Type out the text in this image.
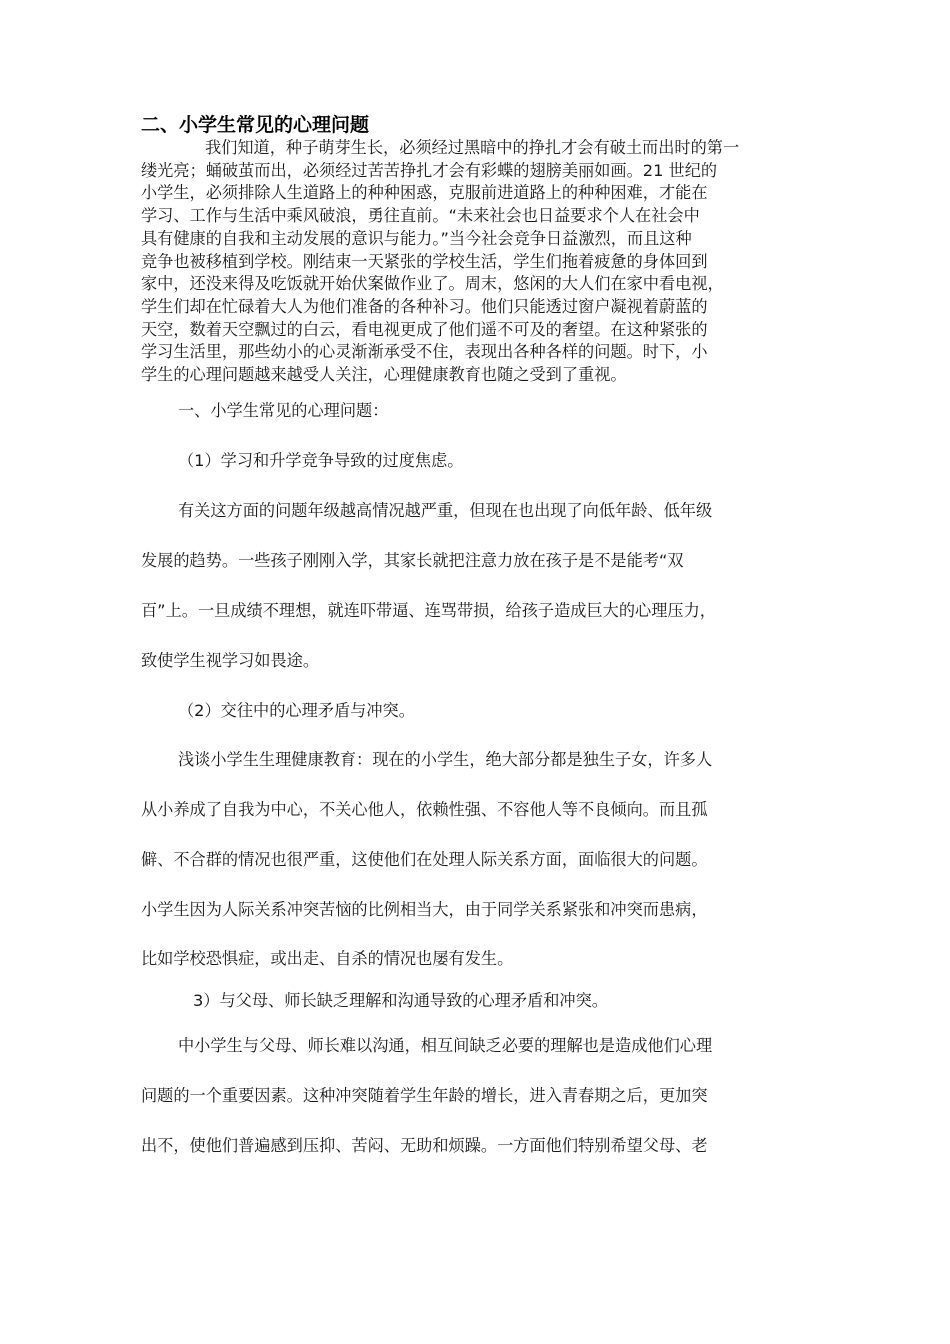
二、小学生常见的心理问题

我们知道，种子萌芽生长，必须经过黑暗中的挣扎才会有破土而出时的第一
缕光亮；蛹破茧而出，必须经过苦苦挣扎才会有彩蝶的翅膀美丽如画。21 世纪的
小学生，必须排除人生道路上的种种困惑，克服前进道路上的种种困难，才能在
学习、工作与生活中乘风破浪，勇往直前。“未来社会也日益要求个人在社会中
具有健康的自我和主动发展的意识与能力。”当今社会竞争日益激烈，而且这种
竞争也被移植到学校。刚结束一天紧张的学校生活，学生们拖着疲惫的身体回到
家中，还没来得及吃饭就开始伏案做作业了。周末，悠闲的大人们在家中看电视，
学生们却在忙碌着大人为他们准备的各种补习。他们只能透过窗户凝视着蔚蓝的
天空，数着天空飘过的白云，看电视更成了他们遥不可及的奢望。在这种紧张的
学习生活里，那些幼小的心灵渐渐承受不住，表现出各种各样的问题。时下，小
学生的心理问题越来越受人关注，心理健康教育也随之受到了重视。

一、小学生常见的心理问题：

（1）学习和升学竞争导致的过度焦虑。

有关这方面的问题年级越高情况越严重，但现在也出现了向低年龄、低年级

发展的趋势。一些孩子刚刚入学，其家长就把注意力放在孩子是不是能考“双

百”上。一旦成绩不理想，就连吓带逼、连骂带损，给孩子造成巨大的心理压力，

致使学生视学习如畏途。

（2）交往中的心理矛盾与冲突。

浅谈小学生生理健康教育：现在的小学生，绝大部分都是独生子女，许多人

从小养成了自我为中心，不关心他人，依赖性强、不容他人等不良倾向。而且孤

僻、不合群的情况也很严重，这使他们在处理人际关系方面，面临很大的问题。

小学生因为人际关系冲突苦恼的比例相当大，由于同学关系紧张和冲突而患病，

比如学校恐惧症，或出走、自杀的情况也屡有发生。

3）与父母、师长缺乏理解和沟通导致的心理矛盾和冲突。

中小学生与父母、师长难以沟通，相互间缺乏必要的理解也是造成他们心理

问题的一个重要因素。这种冲突随着学生年龄的增长，进入青春期之后，更加突

出不，使他们普遍感到压抑、苦闷、无助和烦躁。一方面他们特别希望父母、老
